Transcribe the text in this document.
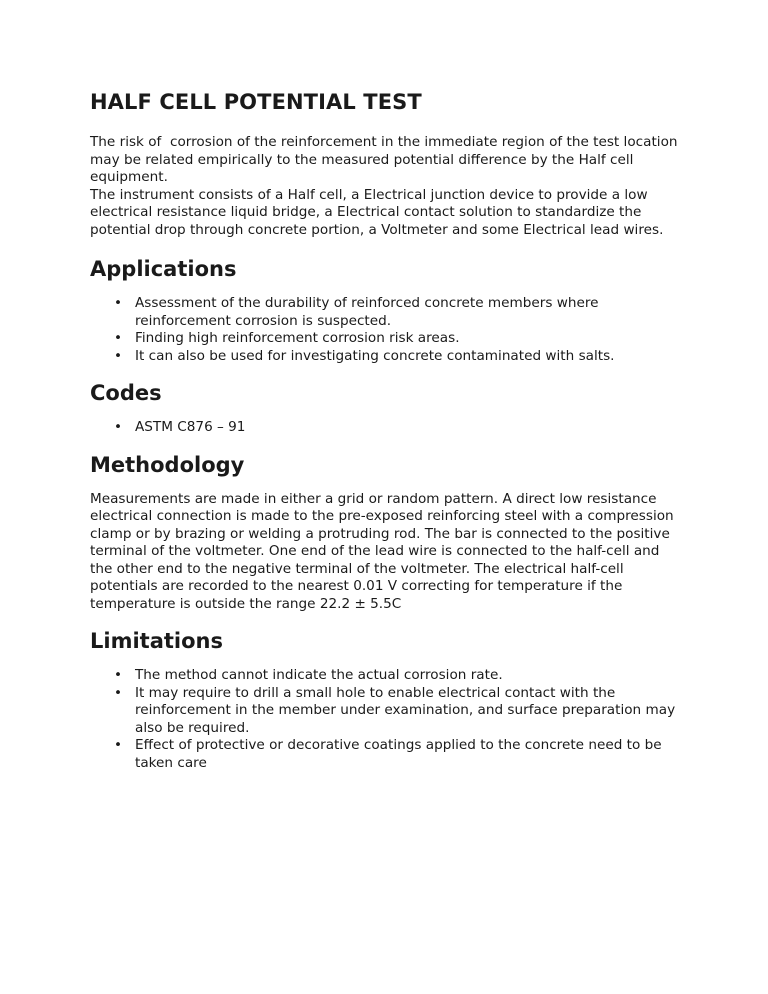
HALF CELL POTENTIAL TEST

The risk of  corrosion of the reinforcement in the immediate region of the test location may be related empirically to the measured potential difference by the Half cell equipment.

The instrument consists of a Half cell, a Electrical junction device to provide a low electrical resistance liquid bridge, a Electrical contact solution to standardize the potential drop through concrete portion, a Voltmeter and some Electrical lead wires.

Applications
• Assessment of the durability of reinforced concrete members where reinforcement corrosion is suspected.
• Finding high reinforcement corrosion risk areas.
• It can also be used for investigating concrete contaminated with salts.
Codes
• ASTM C876 – 91
Methodology

Measurements are made in either a grid or random pattern. A direct low resistance electrical connection is made to the pre-exposed reinforcing steel with a compression clamp or by brazing or welding a protruding rod. The bar is connected to the positive terminal of the voltmeter. One end of the lead wire is connected to the half-cell and  the other end to the negative terminal of the voltmeter. The electrical half-cell potentials are recorded to the nearest 0.01 V correcting for temperature if the temperature is outside the range 22.2 ± 5.5C

Limitations
• The method cannot indicate the actual corrosion rate.
• It may require to drill a small hole to enable electrical contact with the reinforcement in the member under examination, and surface preparation may also be required.
• Effect of protective or decorative coatings applied to the concrete need to be taken care
